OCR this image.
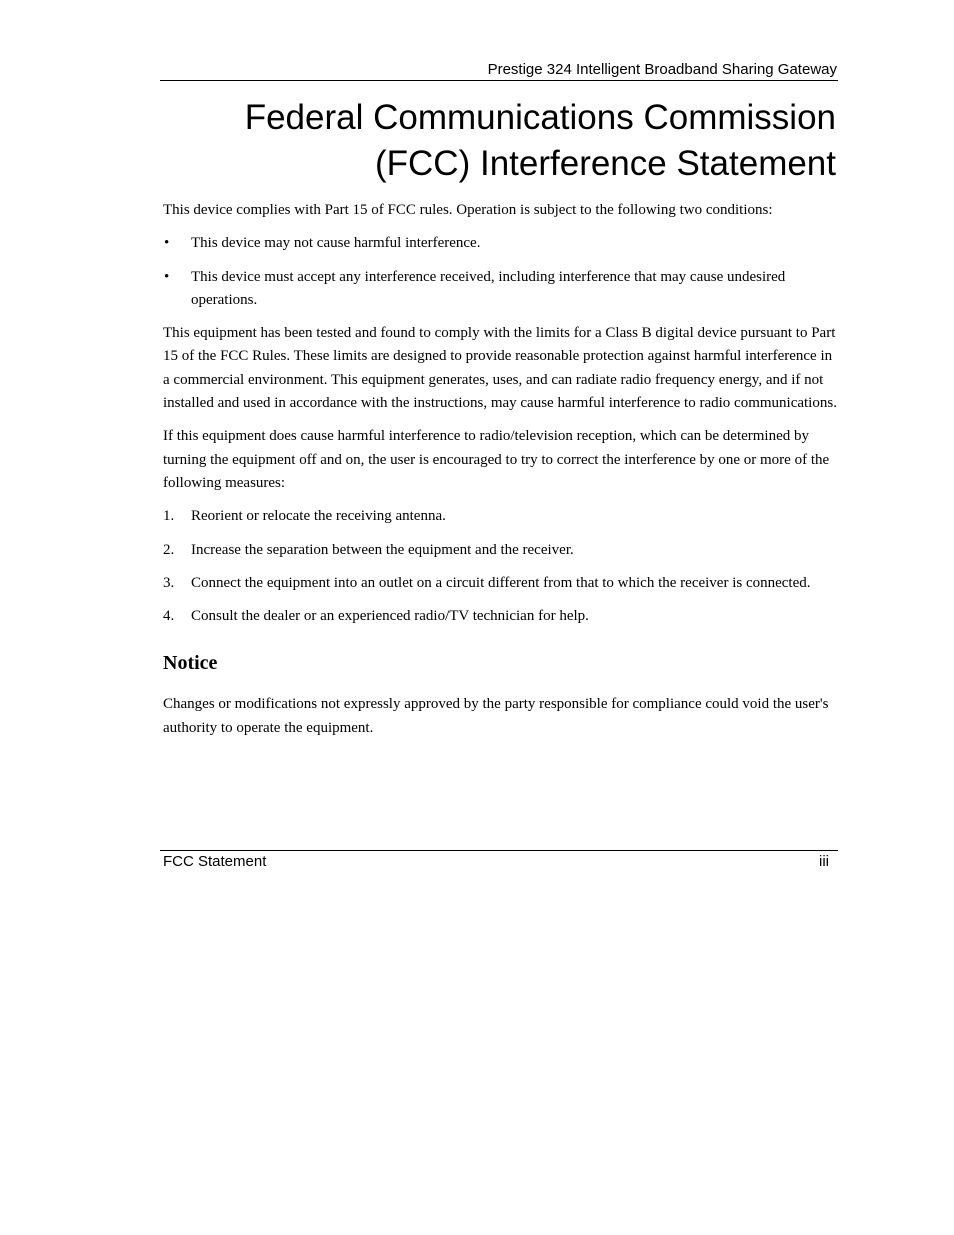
Prestige 324 Intelligent Broadband Sharing Gateway
Federal Communications Commission
(FCC) Interference Statement

This device complies with Part 15 of FCC rules. Operation is subject to the following two conditions:

•	This device may not cause harmful interference.
•	This device must accept any interference received, including interference that may cause undesired operations.

This equipment has been tested and found to comply with the limits for a Class B digital device pursuant to Part 15 of the FCC Rules. These limits are designed to provide reasonable protection against harmful interference in a commercial environment. This equipment generates, uses, and can radiate radio frequency energy, and if not installed and used in accordance with the instructions, may cause harmful interference to radio communications.

If this equipment does cause harmful interference to radio/television reception, which can be determined by turning the equipment off and on, the user is encouraged to try to correct the interference by one or more of the following measures:

1.	Reorient or relocate the receiving antenna.
2.	Increase the separation between the equipment and the receiver.
3.	Connect the equipment into an outlet on a circuit different from that to which the receiver is connected.
4.	Consult the dealer or an experienced radio/TV technician for help.
Notice

Changes or modifications not expressly approved by the party responsible for compliance could void the user's authority to operate the equipment.

FCC Statement	iii
